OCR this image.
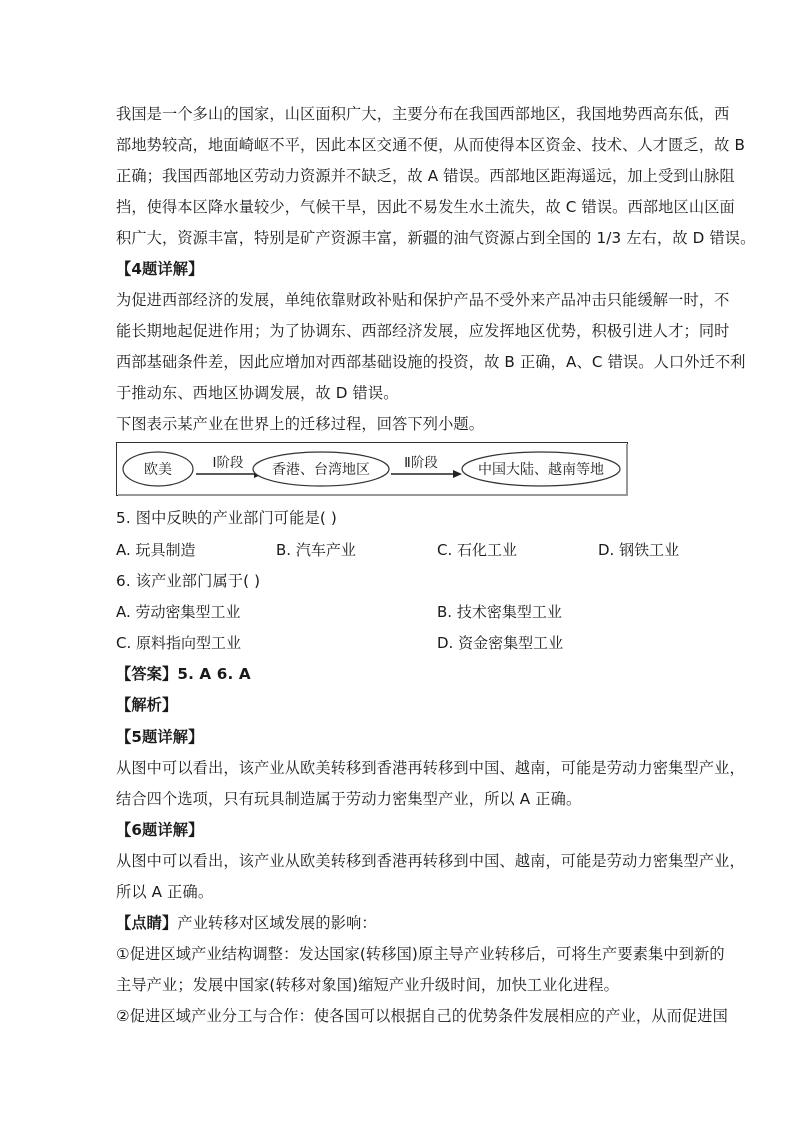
我国是一个多山的国家，山区面积广大，主要分布在我国西部地区，我国地势西高东低，西
部地势较高，地面崎岖不平，因此本区交通不便，从而使得本区资金、技术、人才匮乏，故 B
正确；我国西部地区劳动力资源并不缺乏，故 A 错误。西部地区距海遥远，加上受到山脉阻
挡，使得本区降水量较少，气候干旱，因此不易发生水土流失，故 C 错误。西部地区山区面
积广大，资源丰富，特别是矿产资源丰富，新疆的油气资源占到全国的 1/3 左右，故 D 错误。
【4题详解】
为促进西部经济的发展，单纯依靠财政补贴和保护产品不受外来产品冲击只能缓解一时，不
能长期地起促进作用；为了协调东、西部经济发展，应发挥地区优势，积极引进人才；同时
西部基础条件差，因此应增加对西部基础设施的投资，故 B 正确，A、C 错误。人口外迁不利
于推动东、西地区协调发展，故 D 错误。
下图表示某产业在世界上的迁移过程，回答下列小题。
欧美	Ⅰ阶段 香港、台湾地区	Ⅱ阶段	中国大陆、越南等地
5. 图中反映的产业部门可能是( )
A. 玩具制造	B. 汽车产业	C. 石化工业	D. 钢铁工业
6. 该产业部门属于( )
A. 劳动密集型工业	B. 技术密集型工业
C. 原料指向型工业	D. 资金密集型工业
【答案】5. A 6. A
【解析】
【5题详解】
从图中可以看出，该产业从欧美转移到香港再转移到中国、越南，可能是劳动力密集型产业，
结合四个选项，只有玩具制造属于劳动力密集型产业，所以 A 正确。
【6题详解】
从图中可以看出，该产业从欧美转移到香港再转移到中国、越南，可能是劳动力密集型产业，
所以 A 正确。
【点睛】产业转移对区域发展的影响：
①促进区域产业结构调整：发达国家(转移国)原主导产业转移后，可将生产要素集中到新的
主导产业；发展中国家(转移对象国)缩短产业升级时间，加快工业化进程。
②促进区域产业分工与合作：使各国可以根据自己的优势条件发展相应的产业，从而促进国
